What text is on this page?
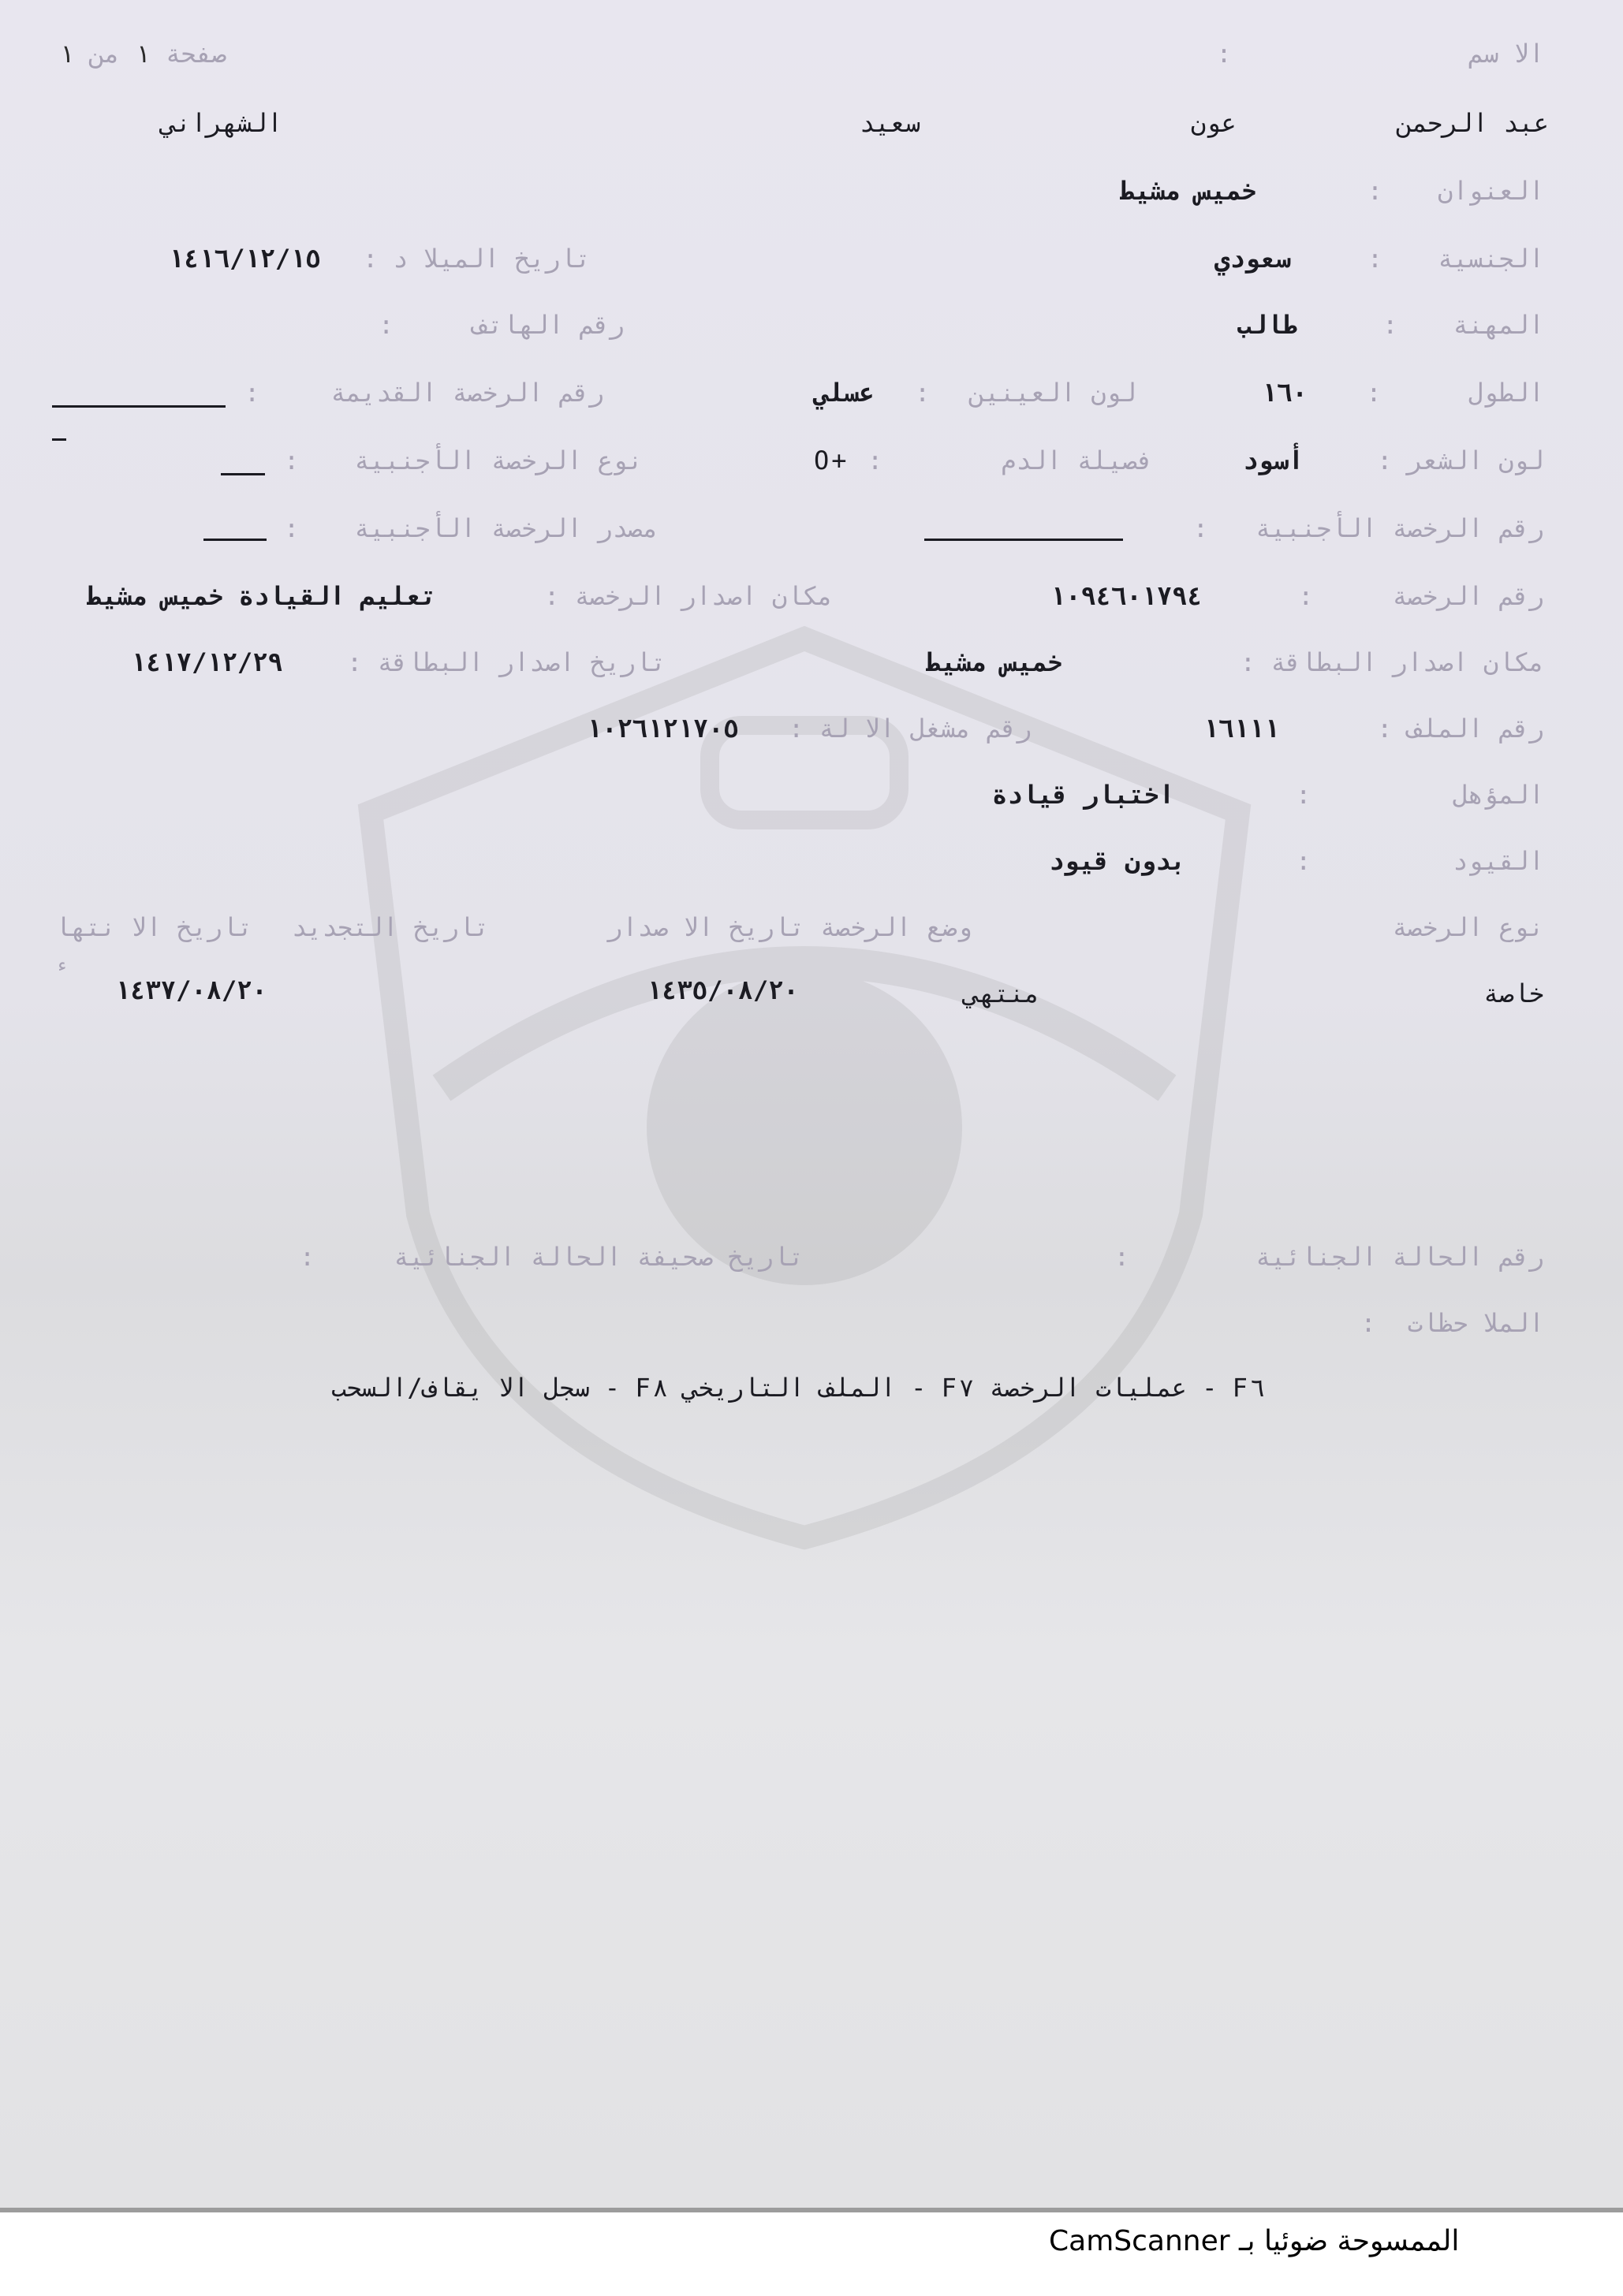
صفحة ١ من ١	الا سم:
عبد الرحمن
عون
سعيد
الشهراني
العنوان:
خميس مشيط
الجنسية:
سعودي
تاريخ الميلا د :
١٤١٦/١٢/١٥
المهنة:
طالب
رقم الهاتف:
الطول:
١٦٠
لون العينين:
عسلي
رقم الرخصة القديمة:
لون الشعر :
أسود
فصيلة الدم:
O+
نوع الرخصة الأجنبية:
رقم الرخصة الأجنبية:
مصدر الرخصة الأجنبية:
رقم الرخصة:
١٠٩٤٦٠١٧٩٤
مكان اصدار الرخصة :
تعليم القيادة خميس مشيط
مكان اصدار البطاقة :
خميس مشيط
تاريخ اصدار البطاقة :
١٤١٧/١٢/٢٩
رقم الملف :
١٦١١١
رقم مشغل الا لة :
١٠٢٦١٢١٧٠٥
المؤهل:
اختبار قيادة
القيود:
بدون قيود
نوع الرخصة
وضع الرخصة
تاريخ الا صدار
تاريخ التجديد
تاريخ الا نتها
ء
خاصة
منتهي
١٤٣٥/٠٨/٢٠
١٤٣٧/٠٨/٢٠
رقم الحالة الجنائية:
تاريخ صحيفة الحالة الجنائية:
الملا حظات:
F٦ - عمليات الرخصة F٧ - الملف التاريخي F٨ - سجل الا يقاف/السحب
الممسوحة ضوئيا بـ CamScanner
